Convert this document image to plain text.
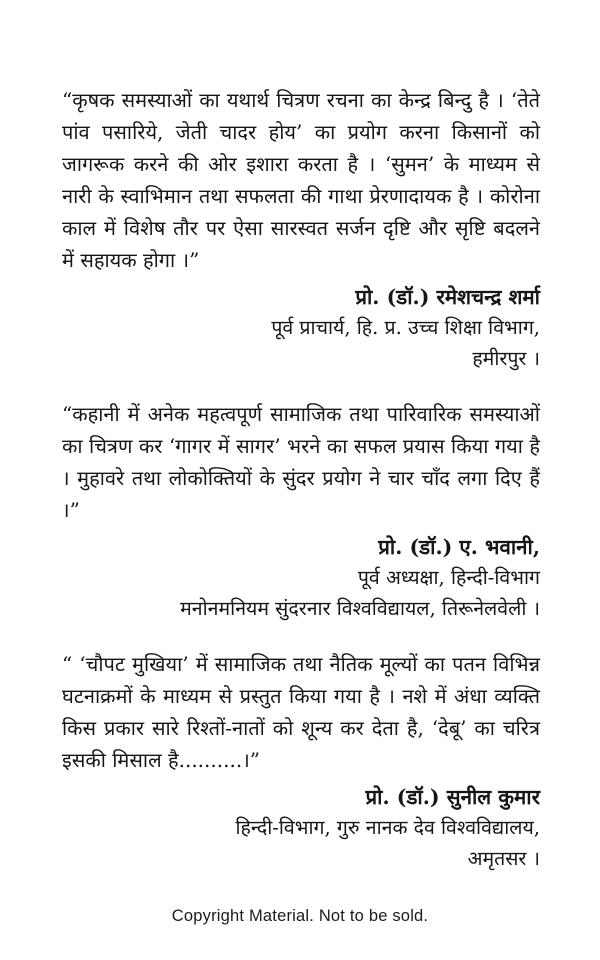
“कृषक समस्याओं का यथार्थ चित्रण रचना का केन्द्र बिन्दु है । ‘तेते पांव पसारिये, जेती चादर होय’ का प्रयोग करना किसानों को जागरूक करने की ओर इशारा करता है । ‘सुमन’ के माध्यम से नारी के स्वाभिमान तथा सफलता की गाथा प्रेरणादायक है । कोरोना काल में विशेष तौर पर ऐसा सारस्वत सर्जन दृष्टि और सृष्टि बदलने में सहायक होगा ।”

प्रो. (डॉ.) रमेशचन्द्र शर्मा
पूर्व प्राचार्य, हि. प्र. उच्च शिक्षा विभाग,
हमीरपुर ।

“कहानी में अनेक महत्वपूर्ण सामाजिक तथा पारिवारिक समस्याओं का चित्रण कर ‘गागर में सागर’ भरने का सफल प्रयास किया गया है । मुहावरे तथा लोकोक्तियों के सुंदर प्रयोग ने चार चाँद लगा दिए हैं ।”

प्रो. (डॉ.) ए. भवानी,
पूर्व अध्यक्षा, हिन्दी-विभाग
मनोनमनियम सुंदरनार विश्वविद्यायल, तिरूनेलवेली ।

“ ‘चौपट मुखिया’ में सामाजिक तथा नैतिक मूल्यों का पतन विभिन्न घटनाक्रमों के माध्यम से प्रस्तुत किया गया है । नशे में अंधा व्यक्ति किस प्रकार सारे रिश्तों-नातों को शून्य कर देता है, ‘देबू’ का चरित्र इसकी मिसाल है..........।”

प्रो. (डॉ.) सुनील कुमार
हिन्दी-विभाग, गुरु नानक देव विश्वविद्यालय,
अमृतसर ।
Copyright Material. Not to be sold.
